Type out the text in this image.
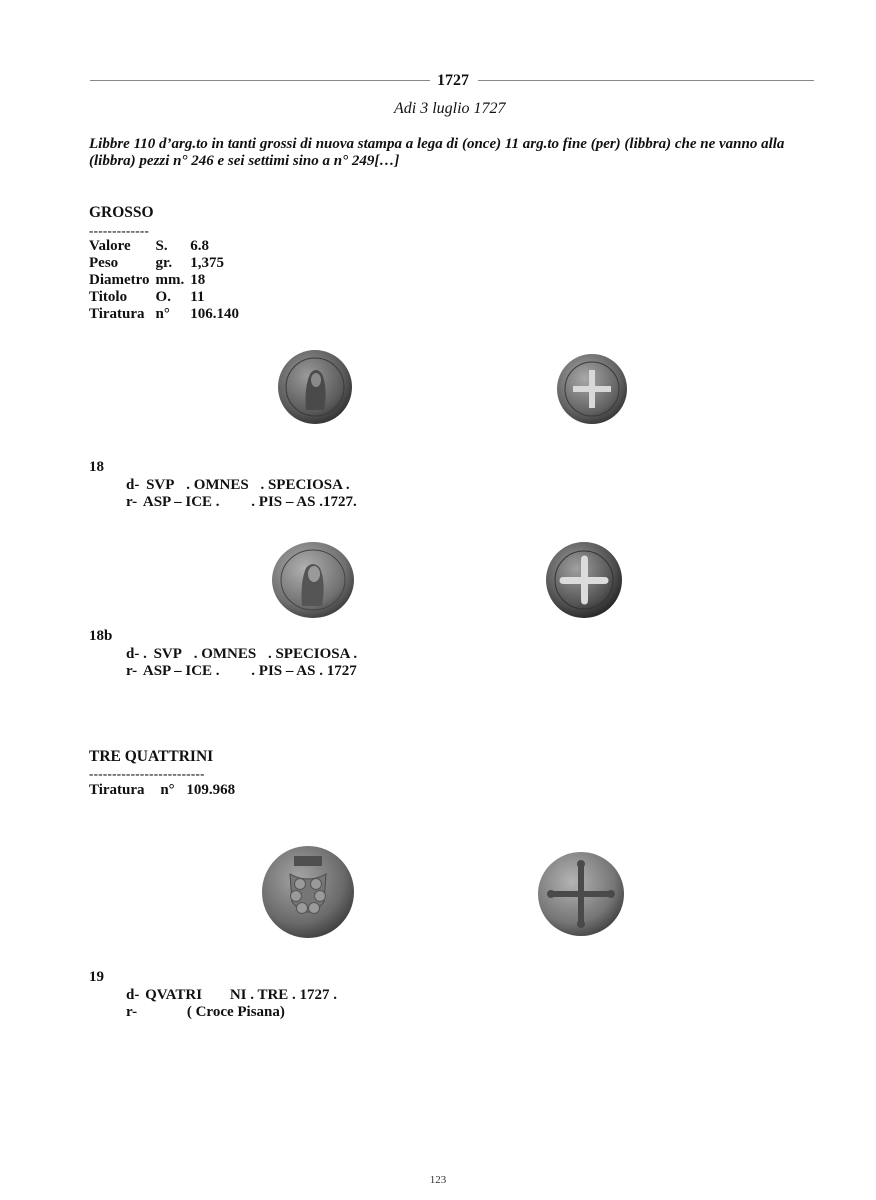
1727
Adi 3 luglio 1727
Libbre 110 d’arg.to in tanti grossi di nuova stampa a lega di (once) 11 arg.to fine (per) (libbra) che ne vanno alla (libbra) pezzi n° 246 e sei settimi sino a n° 249[…]
GROSSO
-------------
Valore	S.	6.8
Peso	gr.	1,375
Diametro	mm.	18
Titolo	O.	11
Tiratura	n°	106.140
18
d- SVP . OMNES . SPECIOSA .
r- ASP – ICE . . PIS – AS .1727.
18b
d- . SVP . OMNES . SPECIOSA .
r- ASP – ICE . . PIS – AS . 1727
TRE QUATTRINI
-------------------------
Tiratura n° 109.968
19
d- QVATRI NI . TRE . 1727 .
r-	( Croce Pisana)
123
